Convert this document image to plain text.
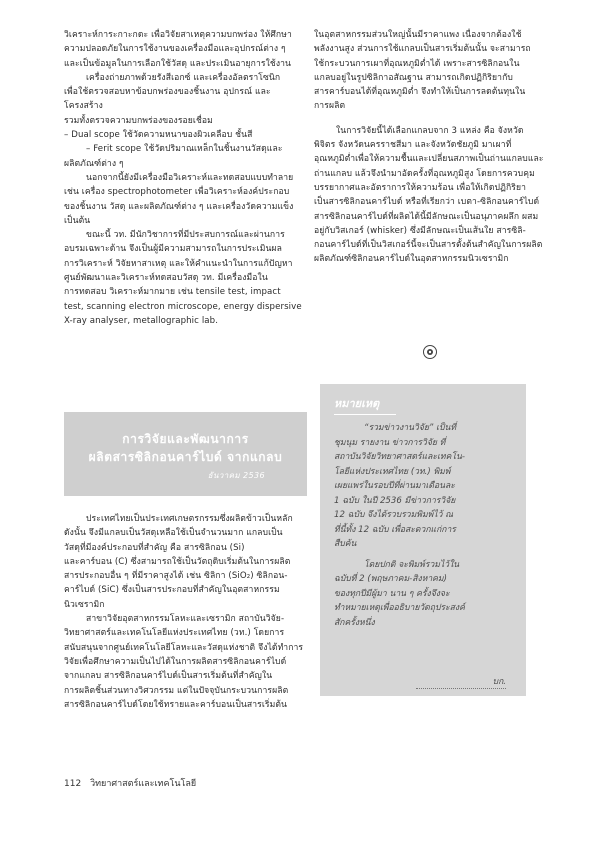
วิเคราะห์การะกาะกดะ เพื่อวิจัยสาเหตุความบกพร่อง ให้ศึกษา
ความปลอดภัยในการใช้งานของเครื่องมือและอุปกรณ์ต่าง ๆ
และเป็นข้อมูลในการเลือกใช้วัสดุ และประเมินอายุการใช้งาน

เครื่องถ่ายภาพด้วยรังสีเอกซ์ และเครื่องอัลตราโซนิก
เพื่อใช้ตรวจสอบหาข้อบกพร่องของชิ้นงาน อุปกรณ์ และโครงสร้าง
รวมทั้งตรวจความบกพร่องของรอยเชื่อม

– Dual scope ใช้วัดความหนาของผิวเคลือบ ชั้นสี

– Ferit scope ใช้วัดปริมาณเหล็กในชิ้นงานวัสดุและ
ผลิตภัณฑ์ต่าง ๆ

นอกจากนี้ยังมีเครื่องมือวิเคราะห์และทดสอบแบบทำลาย
เช่น เครื่อง spectrophotometer เพื่อวิเคราะห์องค์ประกอบ
ของชิ้นงาน วัสดุ และผลิตภัณฑ์ต่าง ๆ และเครื่องวัดความแข็ง
เป็นต้น

ขณะนี้ วท. มีนักวิชาการที่มีประสบการณ์และผ่านการ
อบรมเฉพาะด้าน จึงเป็นผู้มีความสามารถในการประเมินผล
การวิเคราะห์ วิจัยหาสาเหตุ และให้คำแนะนำในการแก้ปัญหา
ศูนย์พัฒนาและวิเคราะห์ทดสอบวัสดุ วท. มีเครื่องมือใน
การทดสอบ วิเคราะห์มากมาย เช่น tensile test, impact
test, scanning electron microscope, energy dispersive
X-ray analyser, metallographic lab.

การวิจัยและพัฒนาการ
ผลิตสารซิลิกอนคาร์ไบด์ จากแกลบ
ธันวาคม 2536

ประเทศไทยเป็นประเทศเกษตรกรรมซึ่งผลิตข้าวเป็นหลัก
ดังนั้น จึงมีแกลบเป็นวัสดุเหลือใช้เป็นจำนวนมาก แกลบเป็น
วัสดุที่มีองค์ประกอบที่สำคัญ คือ สารซิลิกอน (Si)
และคาร์บอน (C) ซึ่งสามารถใช้เป็นวัตถุดิบเริ่มต้นในการผลิต
สารประกอบอื่น ๆ ที่มีราคาสูงได้ เช่น ซิลิกา (SiO₂) ซิลิกอน-
คาร์ไบด์ (SiC) ซึ่งเป็นสารประกอบที่สำคัญในอุตสาหกรรม
นิวเซรามิก

สาขาวิจัยอุตสาหกรรมโลหะและเซรามิก สถาบันวิจัย-
วิทยาศาสตร์และเทคโนโลยีแห่งประเทศไทย (วท.) โดยการ
สนับสนุนจากศูนย์เทคโนโลยีโลหะและวัสดุแห่งชาติ จึงได้ทำการ
วิจัยเพื่อศึกษาความเป็นไปได้ในการผลิตสารซิลิกอนคาร์ไบด์
จากแกลบ สารซิลิกอนคาร์ไบด์เป็นสารเริ่มต้นที่สำคัญใน
การผลิตชิ้นส่วนทางวิศวกรรม แต่ในปัจจุบันกระบวนการผลิต
สารซิลิกอนคาร์ไบด์โดยใช้ทรายและคาร์บอนเป็นสารเริ่มต้น

ในอุตสาหกรรมส่วนใหญ่นั้นมีราคาแพง เนื่องจากต้องใช้
พลังงานสูง ส่วนการใช้แกลบเป็นสารเริ่มต้นนั้น จะสามารถ
ใช้กระบวนการเผาที่อุณหภูมิต่ำได้ เพราะสารซิลิกอนใน
แกลบอยู่ในรูปซิลิกาอสัณฐาน สามารถเกิดปฏิกิริยากับ
สารคาร์บอนได้ที่อุณหภูมิต่ำ จึงทำให้เป็นการลดต้นทุนใน
การผลิต

ในการวิจัยนี้ได้เลือกแกลบจาก 3 แหล่ง คือ จังหวัด
พิจิตร จังหวัดนครราชสีมา และจังหวัดชัยภูมิ มาเผาที่
อุณหภูมิต่ำเพื่อให้ความชื้นและเปลี่ยนสภาพเป็นถ่านแกลบและ
ถ่านแกลบ แล้วจึงนำมาอัดครั้งที่อุณหภูมิสูง โดยการควบคุม
บรรยากาศและอัตราการให้ความร้อน เพื่อให้เกิดปฏิกิริยา
เป็นสารซิลิกอนคาร์ไบด์ หรือที่เรียกว่า เบตา-ซิลิกอนคาร์ไบด์
สารซิลิกอนคาร์ไบด์ที่ผลิตได้นี้มีลักษณะเป็นอนุภาคผลึก ผสม
อยู่กับวิสเกอร์ (whisker) ซึ่งมีลักษณะเป็นเส้นใย สารซิลิ-
กอนคาร์ไบด์ที่เป็นวิสเกอร์นี้จะเป็นสารตั้งต้นสำคัญในการผลิต
ผลิตภัณฑ์ซิลิกอนคาร์ไบด์ในอุตสาหกรรมนิวเซรามิก

หมายเหตุ

“รวมข่าวงานวิจัย” เป็นที่

ชุมนุม รายงาน ข่าวการวิจัย ที่

สถาบันวิจัยวิทยาศาสตร์และเทคโน-

โลยีแห่งประเทศไทย (วท.) พิมพ์

เผยแพร่ในรอบปีที่ผ่านมาเดือนละ

1 ฉบับ ในปี 2536 มีข่าวการวิจัย

12 ฉบับ จึงได้รวบรวมพิมพ์ไว้ ณ

ที่นี้ทั้ง 12 ฉบับ เพื่อสะดวกแก่การ

สืบค้น

โดยปกติ จะพิมพ์รวมไว้ใน

ฉบับที่ 2 (พฤษภาคม-สิงหาคม)

ของทุกปีมีผู้มา นาน ๆ ครั้งจึงจะ

ทำหมายเหตุเพื่ออธิบายวัตถุประสงค์

สักครั้งหนึ่ง

บก.
112 วิทยาศาสตร์และเทคโนโลยี
